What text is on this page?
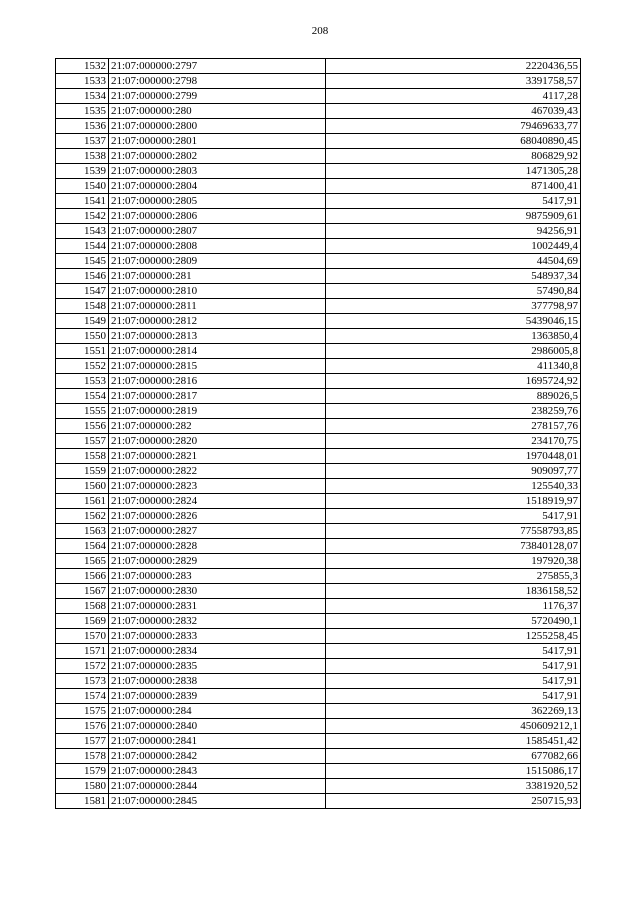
208
1532	21:07:000000:2797	2220436,55
1533	21:07:000000:2798	3391758,57
1534	21:07:000000:2799	4117,28
1535	21:07:000000:280	467039,43
1536	21:07:000000:2800	79469633,77
1537	21:07:000000:2801	68040890,45
1538	21:07:000000:2802	806829,92
1539	21:07:000000:2803	1471305,28
1540	21:07:000000:2804	871400,41
1541	21:07:000000:2805	5417,91
1542	21:07:000000:2806	9875909,61
1543	21:07:000000:2807	94256,91
1544	21:07:000000:2808	1002449,4
1545	21:07:000000:2809	44504,69
1546	21:07:000000:281	548937,34
1547	21:07:000000:2810	57490,84
1548	21:07:000000:2811	377798,97
1549	21:07:000000:2812	5439046,15
1550	21:07:000000:2813	1363850,4
1551	21:07:000000:2814	2986005,8
1552	21:07:000000:2815	411340,8
1553	21:07:000000:2816	1695724,92
1554	21:07:000000:2817	889026,5
1555	21:07:000000:2819	238259,76
1556	21:07:000000:282	278157,76
1557	21:07:000000:2820	234170,75
1558	21:07:000000:2821	1970448,01
1559	21:07:000000:2822	909097,77
1560	21:07:000000:2823	125540,33
1561	21:07:000000:2824	1518919,97
1562	21:07:000000:2826	5417,91
1563	21:07:000000:2827	77558793,85
1564	21:07:000000:2828	73840128,07
1565	21:07:000000:2829	197920,38
1566	21:07:000000:283	275855,3
1567	21:07:000000:2830	1836158,52
1568	21:07:000000:2831	1176,37
1569	21:07:000000:2832	5720490,1
1570	21:07:000000:2833	1255258,45
1571	21:07:000000:2834	5417,91
1572	21:07:000000:2835	5417,91
1573	21:07:000000:2838	5417,91
1574	21:07:000000:2839	5417,91
1575	21:07:000000:284	362269,13
1576	21:07:000000:2840	450609212,1
1577	21:07:000000:2841	1585451,42
1578	21:07:000000:2842	677082,66
1579	21:07:000000:2843	1515086,17
1580	21:07:000000:2844	3381920,52
1581	21:07:000000:2845	250715,93
